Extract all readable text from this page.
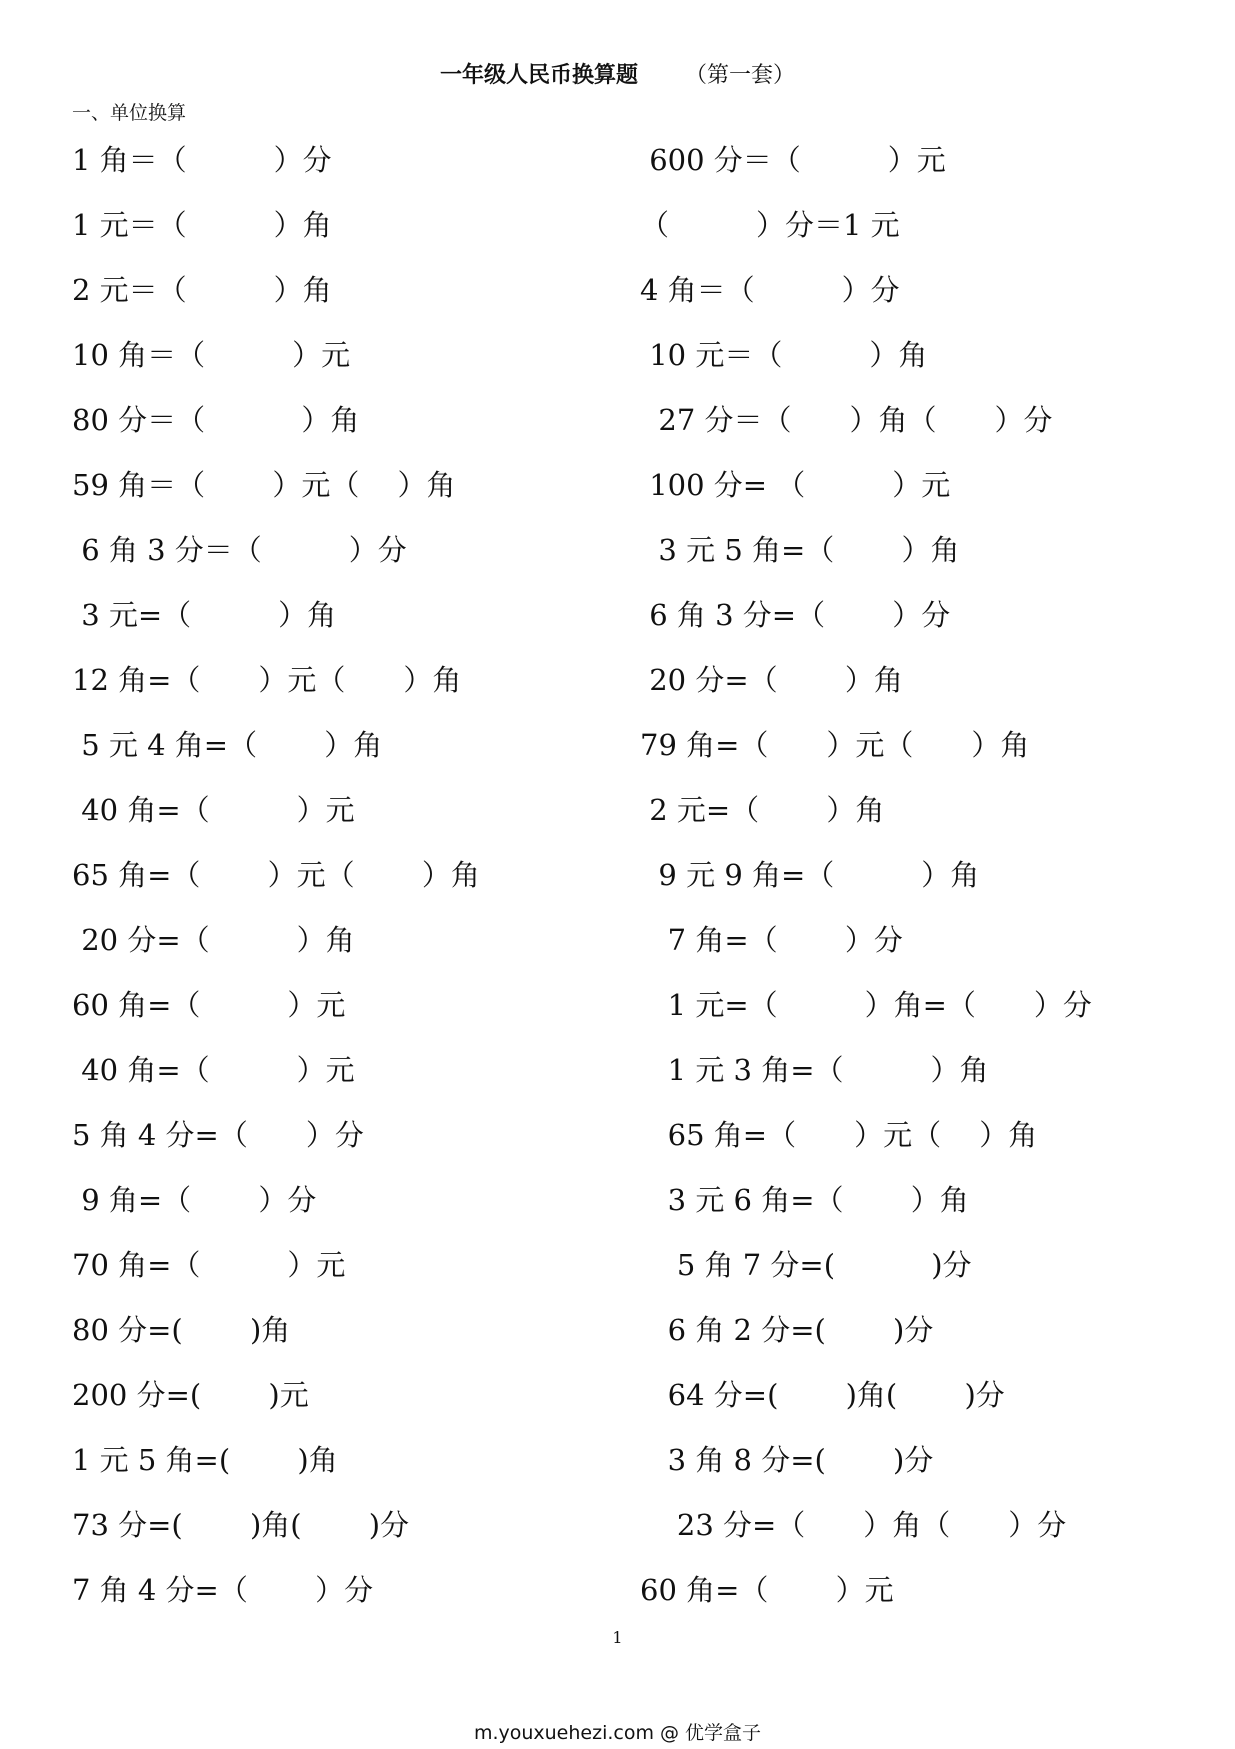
一年级人民币换算题 （第一套）
一、单位换算
1 角＝（　　　）分
1 元＝（　　　）角
2 元＝（　　　）角
10 角＝（　　　）元
80 分＝（　　　 ）角
59 角＝（　　 ）元（　 ）角
6 角 3 分＝（　　　）分
3 元=（　　　）角
12 角=（　　）元（　　）角
5 元 4 角=（　　 ）角
40 角=（　　　）元
65 角=（　　 ）元（　　 ）角
20 分=（　　　）角
60 角=（　　　）元
40 角=（　　　）元
5 角 4 分=（　　）分
9 角=（　　 ）分
70 角=（　　　）元
80 分=(　　 )角
200 分=(　　 )元
1 元 5 角=(　　 )角
73 分=(　　 )角(　　 )分
7 角 4 分=（　　 ）分
600 分＝（　　　）元
（　　　）分＝1 元
4 角＝（　　　）分
10 元＝（　　　）角
27 分＝（　　）角（　　）分
100 分= （　　　）元
3 元 5 角=（　　 ）角
6 角 3 分=（　　 ）分
20 分=（　　 ）角
79 角=（　　）元（　　）角
2 元=（　　 ）角
9 元 9 角=（　　　）角
7 角=（　　 ）分
1 元=（　　　）角=（　　）分
1 元 3 角=（　　　）角
65 角=（　　）元（　 ）角
3 元 6 角=（　　 ）角
5 角 7 分=(　　　 )分
6 角 2 分=(　　 )分
64 分=(　　 )角(　　 )分
3 角 8 分=(　　 )分
23 分=（　　）角（　　）分
60 角=（　　 ）元
1
m.youxuehezi.com @ 优学盒子
